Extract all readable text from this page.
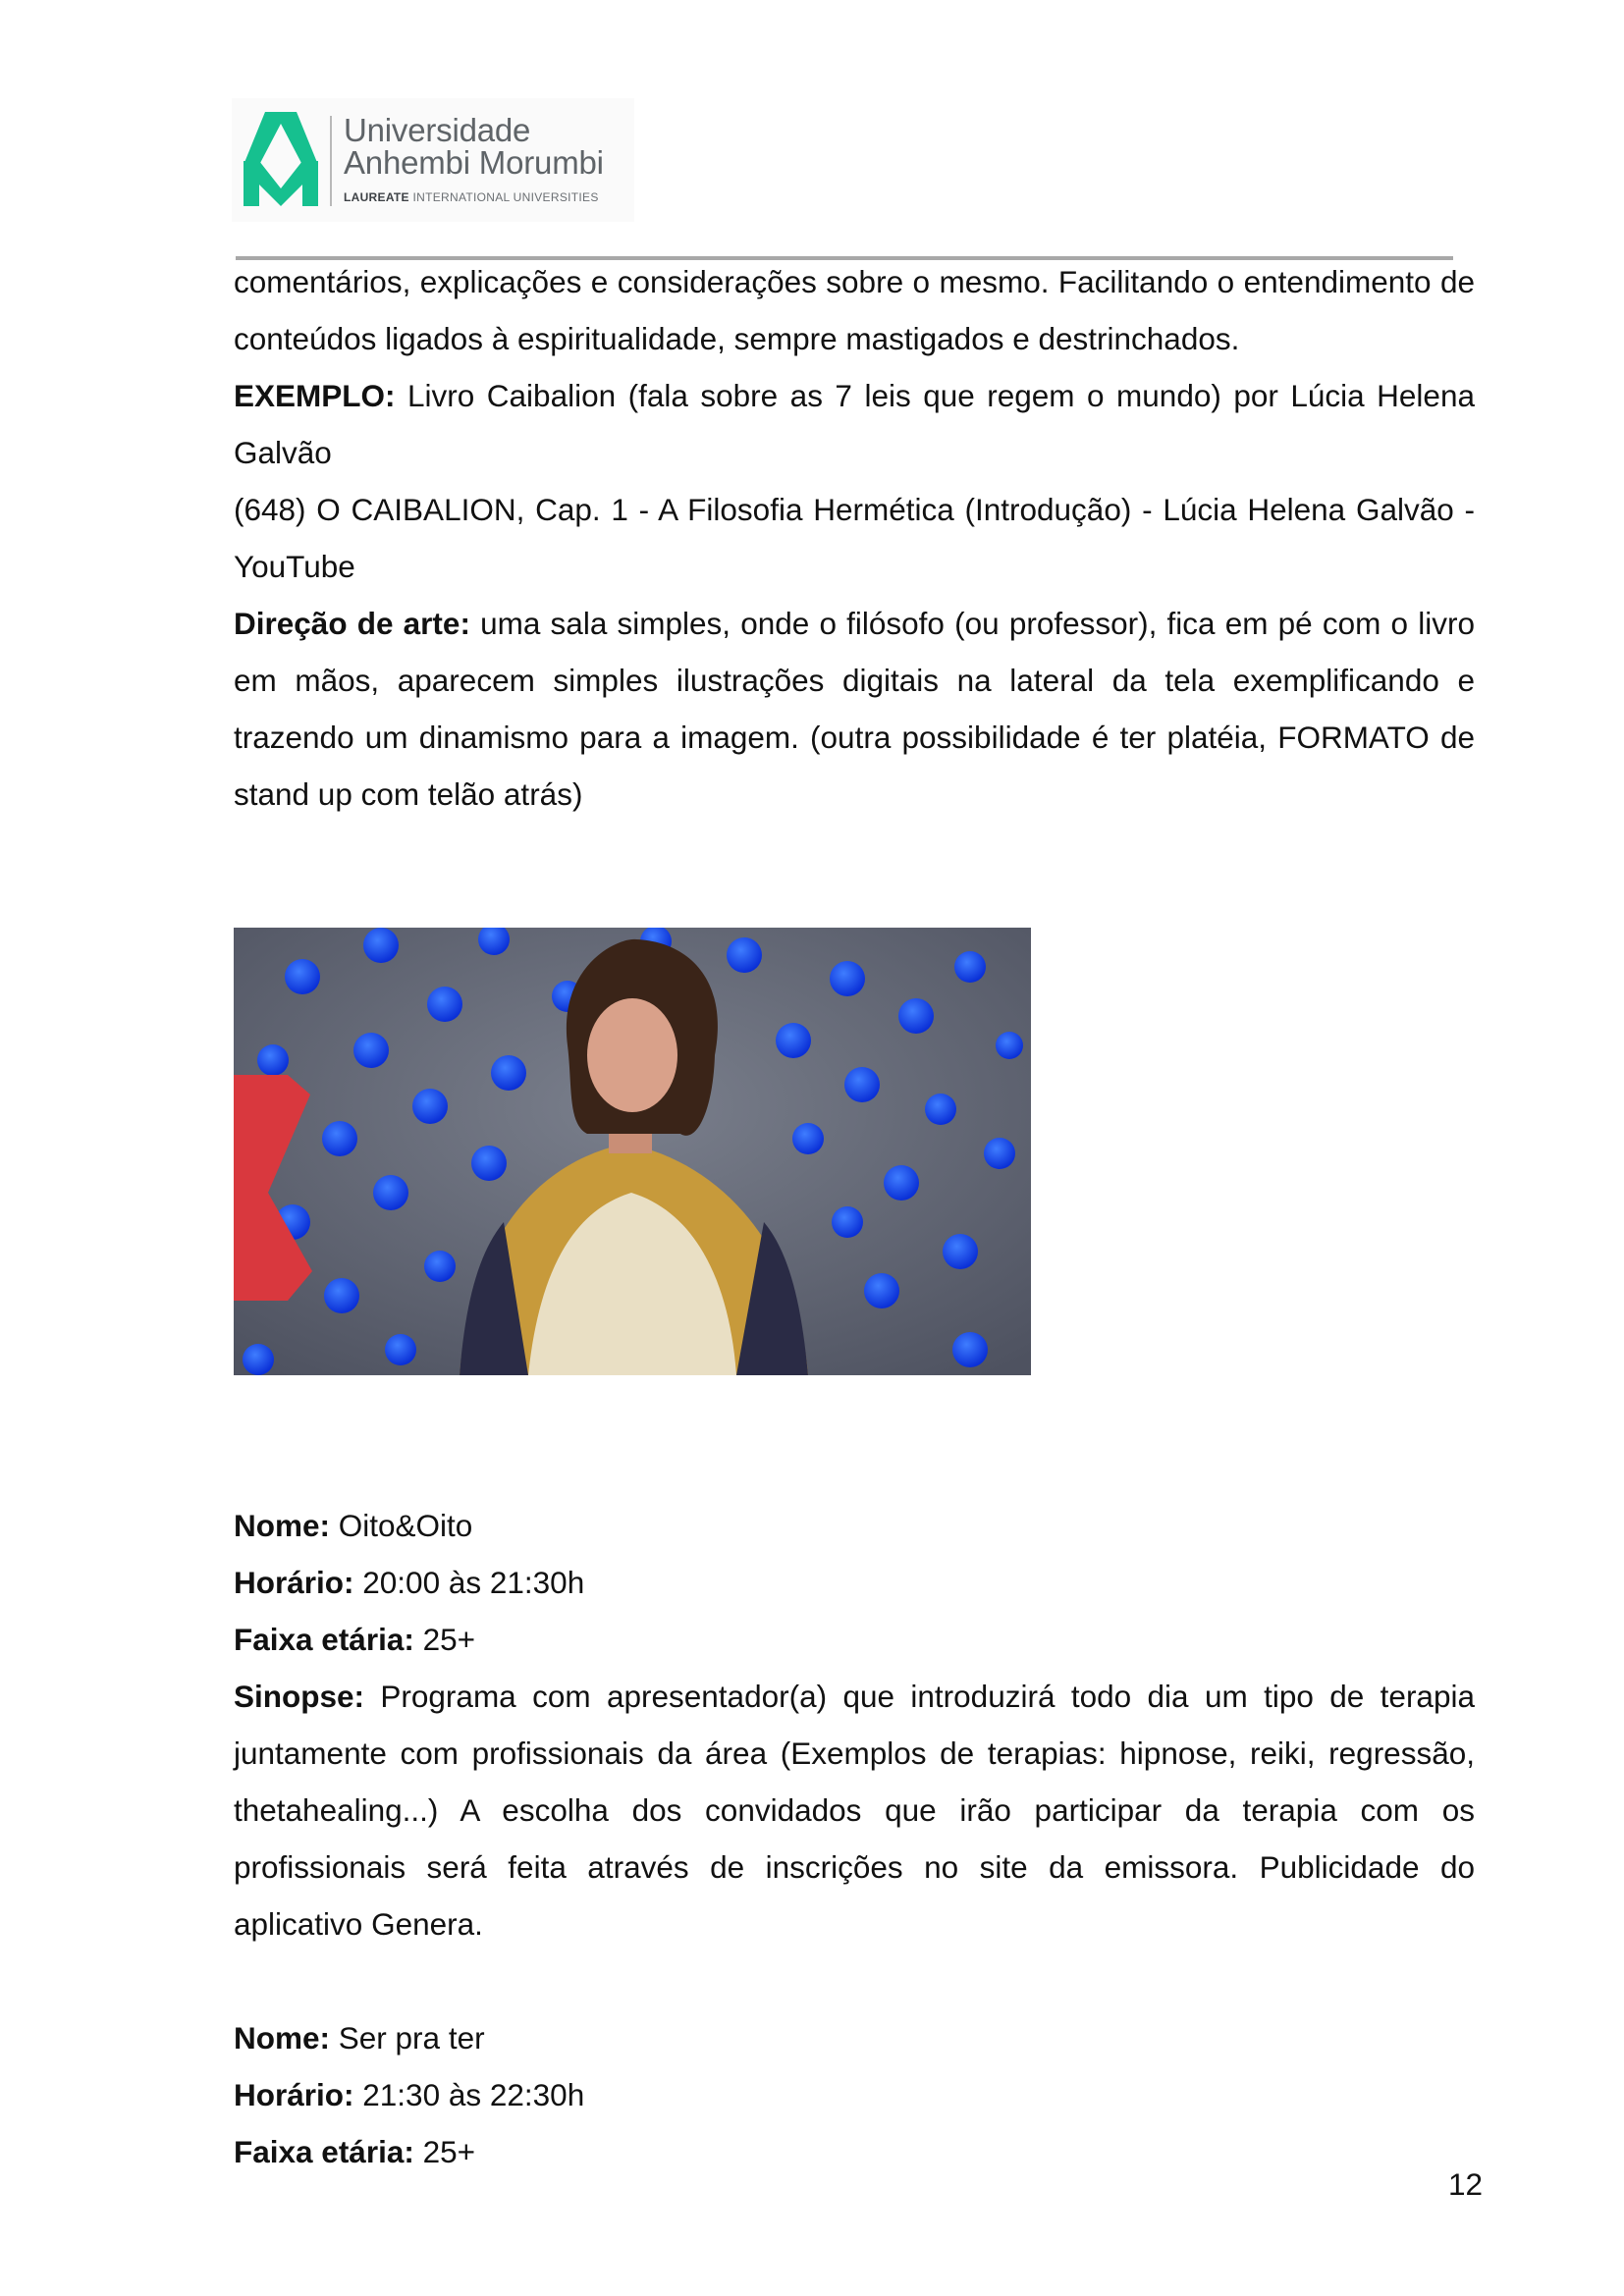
Universidade
Anhembi Morumbi
LAUREATE INTERNATIONAL UNIVERSITIES

comentários, explicações e considerações sobre o mesmo. Facilitando o entendimento de conteúdos ligados à espiritualidade, sempre mastigados e destrinchados.

EXEMPLO: Livro Caibalion (fala sobre as 7 leis que regem o mundo) por Lúcia Helena Galvão

(648) O CAIBALION, Cap. 1 - A Filosofia Hermética (Introdução) - Lúcia Helena Galvão - YouTube

Direção de arte: uma sala simples, onde o filósofo (ou professor), fica em pé com o livro em mãos, aparecem simples ilustrações digitais na lateral da tela exemplificando e trazendo um dinamismo para a imagem. (outra possibilidade é ter platéia, FORMATO de stand up com telão atrás)

Nome: Oito&Oito

Horário: 20:00 às 21:30h

Faixa etária: 25+

Sinopse: Programa com apresentador(a) que introduzirá todo dia um tipo de terapia juntamente com profissionais da área (Exemplos de terapias: hipnose, reiki, regressão, thetahealing...) A escolha dos convidados que irão participar da terapia com os profissionais será feita através de inscrições no site da emissora. Publicidade do aplicativo Genera.

Nome: Ser pra ter

Horário: 21:30 às 22:30h

Faixa etária: 25+

12
